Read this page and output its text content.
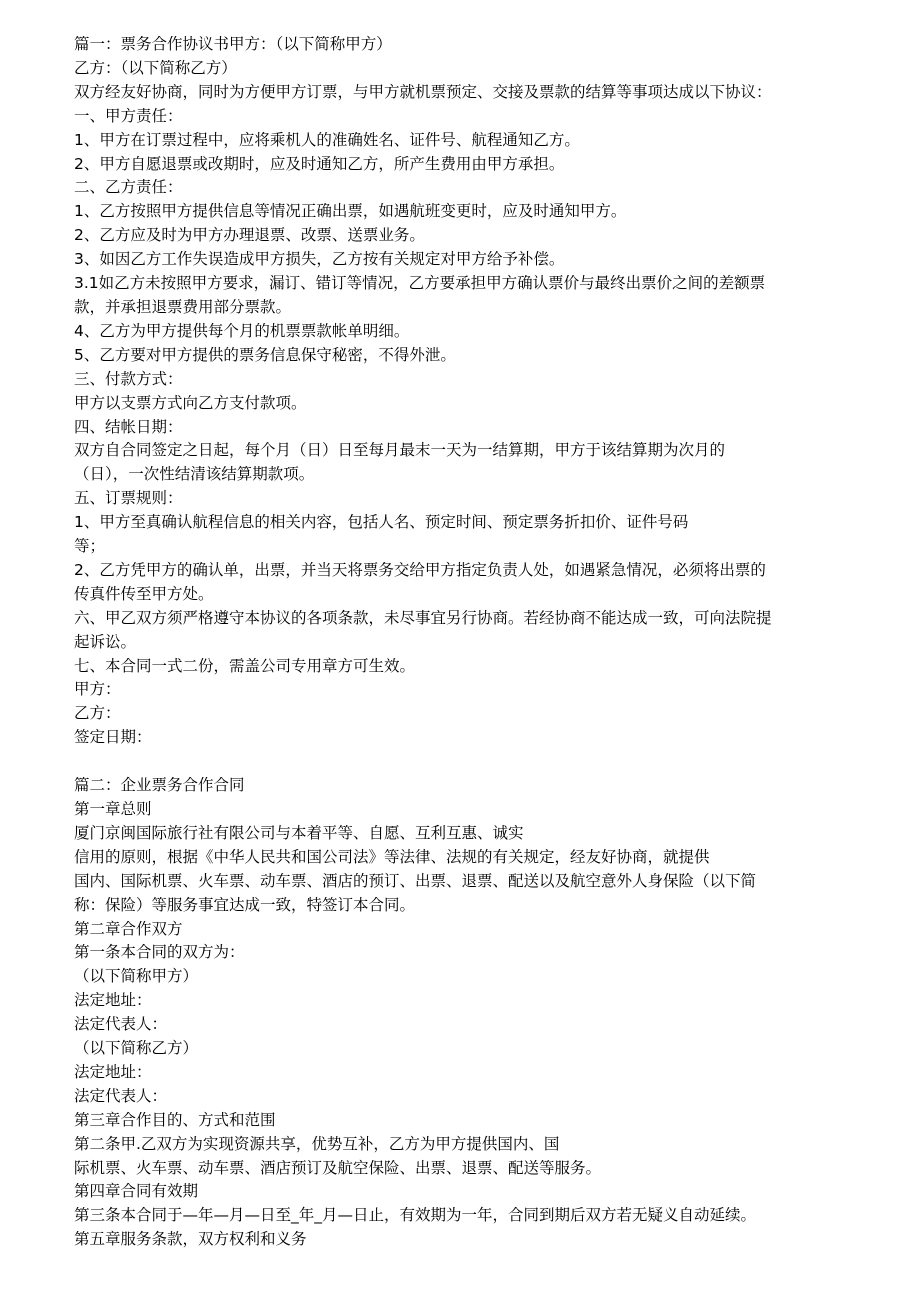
篇一：票务合作协议书甲方：（以下简称甲方）
乙方：（以下简称乙方）
双方经友好协商，同时为方便甲方订票，与甲方就机票预定、交接及票款的结算等事项达成以下协议：
一、甲方责任：
1、甲方在订票过程中，应将乘机人的准确姓名、证件号、航程通知乙方。
2、甲方自愿退票或改期时，应及时通知乙方，所产生费用由甲方承担。
二、乙方责任：
1、乙方按照甲方提供信息等情况正确出票，如遇航班变更时，应及时通知甲方。
2、乙方应及时为甲方办理退票、改票、送票业务。
3、如因乙方工作失误造成甲方损失，乙方按有关规定对甲方给予补偿。
3.1如乙方未按照甲方要求，漏订、错订等情况，乙方要承担甲方确认票价与最终出票价之间的差额票
款，并承担退票费用部分票款。
4、乙方为甲方提供每个月的机票票款帐单明细。
5、乙方要对甲方提供的票务信息保守秘密，不得外泄。
三、付款方式：
甲方以支票方式向乙方支付款项。
四、结帐日期：
双方自合同签定之日起，每个月（日）日至每月最末一天为一结算期，甲方于该结算期为次月的
（日），一次性结清该结算期款项。
五、订票规则：
1、甲方至真确认航程信息的相关内容，包括人名、预定时间、预定票务折扣价、证件号码
等；
2、乙方凭甲方的确认单，出票，并当天将票务交给甲方指定负责人处，如遇紧急情况，必须将出票的
传真件传至甲方处。
六、甲乙双方须严格遵守本协议的各项条款，未尽事宜另行协商。若经协商不能达成一致，可向法院提
起诉讼。
七、本合同一式二份，需盖公司专用章方可生效。
甲方：
乙方：
签定日期：
篇二：企业票务合作合同
第一章总则
厦门京闽国际旅行社有限公司与本着平等、自愿、互利互惠、诚实
信用的原则，根据《中华人民共和国公司法》等法律、法规的有关规定，经友好协商，就提供
国内、国际机票、火车票、动车票、酒店的预订、出票、退票、配送以及航空意外人身保险（以下简
称：保险）等服务事宜达成一致，特签订本合同。
第二章合作双方
第一条本合同的双方为：
（以下简称甲方）
法定地址：
法定代表人：
（以下简称乙方）
法定地址：
法定代表人：
第三章合作目的、方式和范围
第二条甲.乙双方为实现资源共享，优势互补，乙方为甲方提供国内、国
际机票、火车票、动车票、酒店预订及航空保险、出票、退票、配送等服务。
第四章合同有效期
第三条本合同于—年—月—日至_年_月—日止，有效期为一年，合同到期后双方若无疑义自动延续。
第五章服务条款，双方权利和义务
